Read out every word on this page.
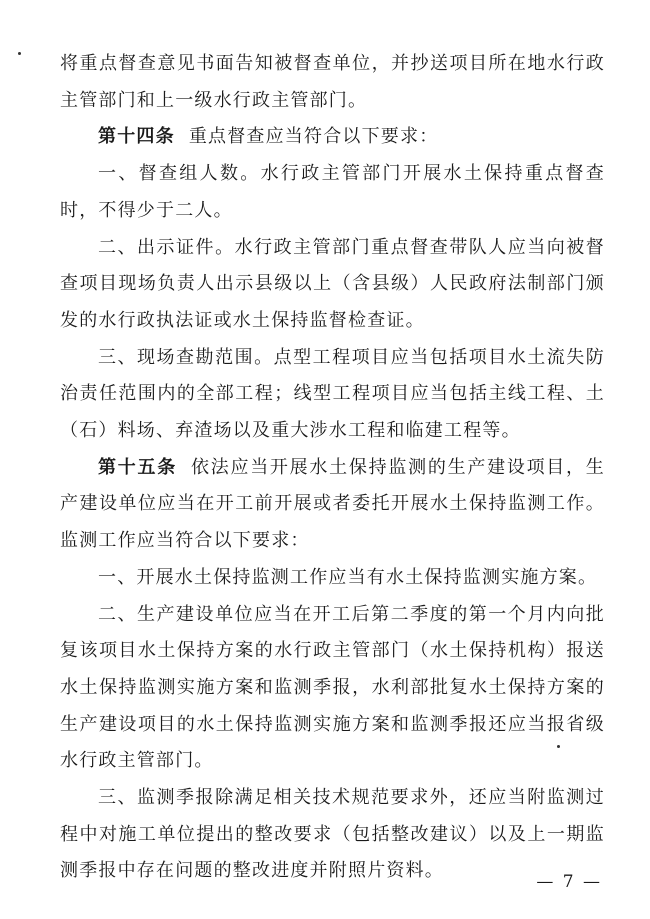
将重点督查意见书面告知被督查单位，并抄送项目所在地水行政主管部门和上一级水行政主管部门。

第十四条 重点督查应当符合以下要求：

一、督查组人数。水行政主管部门开展水土保持重点督查时，不得少于二人。

二、出示证件。水行政主管部门重点督查带队人应当向被督查项目现场负责人出示县级以上（含县级）人民政府法制部门颁发的水行政执法证或水土保持监督检查证。

三、现场查勘范围。点型工程项目应当包括项目水土流失防治责任范围内的全部工程；线型工程项目应当包括主线工程、土（石）料场、弃渣场以及重大涉水工程和临建工程等。

第十五条 依法应当开展水土保持监测的生产建设项目，生产建设单位应当在开工前开展或者委托开展水土保持监测工作。监测工作应当符合以下要求：

一、开展水土保持监测工作应当有水土保持监测实施方案。

二、生产建设单位应当在开工后第二季度的第一个月内向批复该项目水土保持方案的水行政主管部门（水土保持机构）报送水土保持监测实施方案和监测季报，水利部批复水土保持方案的生产建设项目的水土保持监测实施方案和监测季报还应当报省级水行政主管部门。

三、监测季报除满足相关技术规范要求外，还应当附监测过程中对施工单位提出的整改要求（包括整改建议）以及上一期监测季报中存在问题的整改进度并附照片资料。

— 7 —
